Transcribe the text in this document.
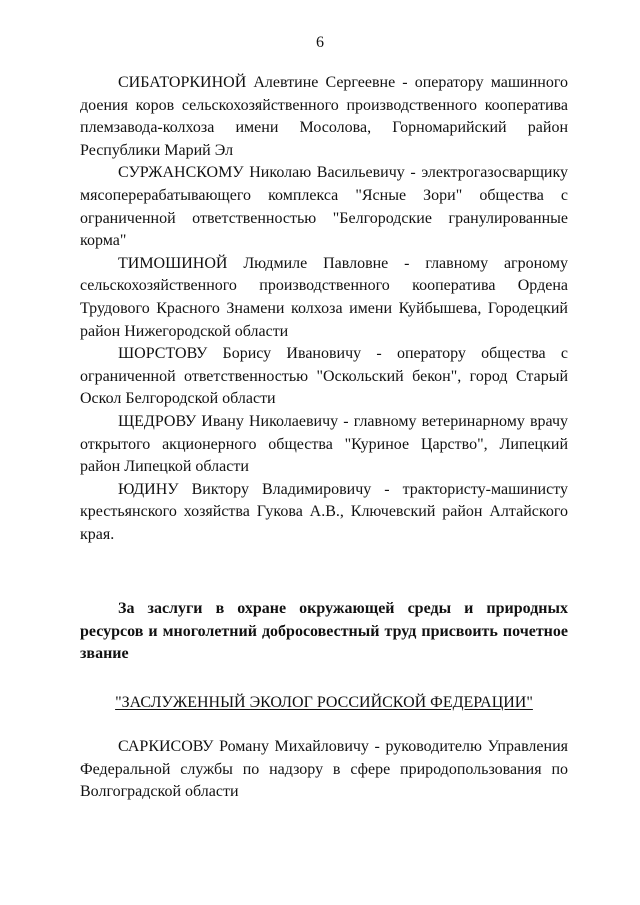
6

СИБАТОРКИНОЙ Алевтине Сергеевне - оператору машинного доения коров сельскохозяйственного производственного кооператива племзавода-колхоза имени Мосолова, Горномарийский район Республики Марий Эл

СУРЖАНСКОМУ Николаю Васильевичу - электрогазосварщику мясоперерабатывающего комплекса "Ясные Зори" общества с ограниченной ответственностью "Белгородские гранулированные корма"

ТИМОШИНОЙ Людмиле Павловне - главному агроному сельскохозяйственного производственного кооператива Ордена Трудового Красного Знамени колхоза имени Куйбышева, Городецкий район Нижегородской области

ШОРСТОВУ Борису Ивановичу - оператору общества с ограниченной ответственностью "Оскольский бекон", город Старый Оскол Белгородской области

ЩЕДРОВУ Ивану Николаевичу - главному ветеринарному врачу открытого акционерного общества "Куриное Царство", Липецкий район Липецкой области

ЮДИНУ Виктору Владимировичу - трактористу-машинисту крестьянского хозяйства Гукова А.В., Ключевский район Алтайского края.

За заслуги в охране окружающей среды и природных ресурсов и многолетний добросовестный труд присвоить почетное звание

"ЗАСЛУЖЕННЫЙ ЭКОЛОГ РОССИЙСКОЙ ФЕДЕРАЦИИ"

САРКИСОВУ Роману Михайловичу - руководителю Управления Федеральной службы по надзору в сфере природопользования по Волгоградской области
